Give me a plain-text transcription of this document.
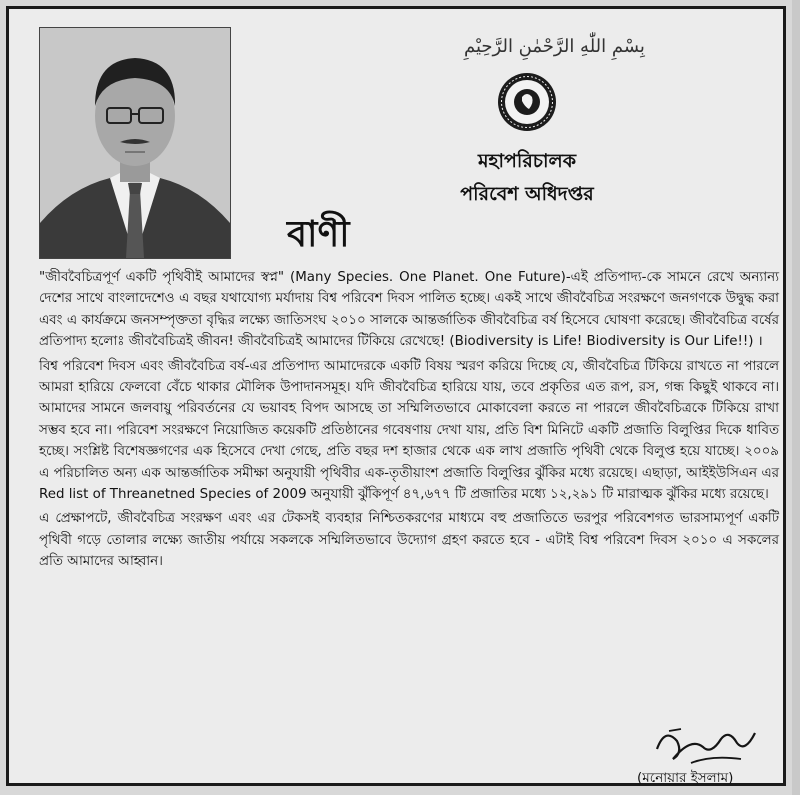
بِسْمِ اللّٰهِ الرَّحْمٰنِ الرَّحِيْمِ
মহাপরিচালক
পরিবেশ অধিদপ্তর
বাণী

"জীববৈচিত্রপূর্ণ একটি পৃথিবীই আমাদের স্বপ্ন" (Many Species. One Planet. One Future)-এই প্রতিপাদ্য-কে সামনে রেখে অন্যান্য দেশের সাথে বাংলাদেশেও এ বছর যথাযোগ্য মর্যাদায় বিশ্ব পরিবেশ দিবস পালিত হচ্ছে। একই সাথে জীববৈচিত্র সংরক্ষণে জনগণকে উদ্বুদ্ধ করা এবং এ কার্যক্রমে জনসম্পৃক্ততা বৃদ্ধির লক্ষ্যে জাতিসংঘ ২০১০ সালকে আন্তর্জাতিক জীববৈচিত্র বর্ষ হিসেবে ঘোষণা করেছে। জীববৈচিত্র বর্ষের প্রতিপাদ্য হলোঃ জীববৈচিত্রই জীবন! জীববৈচিত্রই আমাদের টিকিয়ে রেখেছে! (Biodiversity is Life! Biodiversity is Our Life!!) ।

বিশ্ব পরিবেশ দিবস এবং জীববৈচিত্র বর্ষ-এর প্রতিপাদ্য আমাদেরকে একটি বিষয় স্মরণ করিয়ে দিচ্ছে যে, জীববৈচিত্র টিকিয়ে রাখতে না পারলে আমরা হারিয়ে ফেলবো বেঁচে থাকার মৌলিক উপাদানসমূহ। যদি জীববৈচিত্র হারিয়ে যায়, তবে প্রকৃতির এত রূপ, রস, গন্ধ কিছুই থাকবে না। আমাদের সামনে জলবায়ু পরিবর্তনের যে ভয়াবহ বিপদ আসছে তা সম্মিলিতভাবে মোকাবেলা করতে না পারলে জীববৈচিত্রকে টিকিয়ে রাখা সম্ভব হবে না। পরিবেশ সংরক্ষণে নিয়োজিত কয়েকটি প্রতিষ্ঠানের গবেষণায় দেখা যায়, প্রতি বিশ মিনিটে একটি প্রজাতি বিলুপ্তির দিকে ধাবিত হচ্ছে। সংশ্লিষ্ট বিশেষজ্ঞগণের এক হিসেবে দেখা গেছে, প্রতি বছর দশ হাজার থেকে এক লাখ প্রজাতি পৃথিবী থেকে বিলুপ্ত হয়ে যাচ্ছে। ২০০৯ এ পরিচালিত অন্য এক আন্তর্জাতিক সমীক্ষা অনুযায়ী পৃথিবীর এক-তৃতীয়াংশ প্রজাতি বিলুপ্তির ঝুঁকির মধ্যে রয়েছে। এছাড়া, আইইউসিএন এর Red list of Threanetned Species of 2009 অনুযায়ী ঝুঁকিপূর্ণ ৪৭,৬৭৭ টি প্রজাতির মধ্যে ১২,২৯১ টি মারাত্মক ঝুঁকির মধ্যে রয়েছে।

এ প্রেক্ষাপটে, জীববৈচিত্র সংরক্ষণ এবং এর টেকসই ব্যবহার নিশ্চিতকরণের মাধ্যমে বহু প্রজাতিতে ভরপুর পরিবেশগত ভারসাম্যপূর্ণ একটি পৃথিবী গড়ে তোলার লক্ষ্যে জাতীয় পর্যায়ে সকলকে সম্মিলিতভাবে উদ্যোগ গ্রহণ করতে হবে - এটাই বিশ্ব পরিবেশ দিবস ২০১০ এ সকলের প্রতি আমাদের আহ্বান।

(মনোয়ার ইসলাম)
